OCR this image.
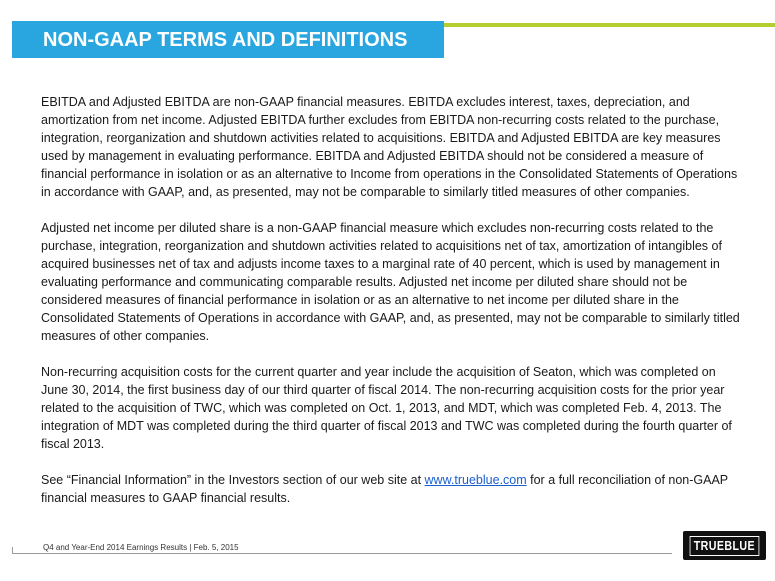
NON-GAAP TERMS AND DEFINITIONS

EBITDA and Adjusted EBITDA are non-GAAP financial measures. EBITDA excludes interest, taxes, depreciation, and amortization from net income. Adjusted EBITDA further excludes from EBITDA non-recurring costs related to the purchase, integration, reorganization and shutdown activities related to acquisitions. EBITDA and Adjusted EBITDA are key measures used by management in evaluating performance. EBITDA and Adjusted EBITDA should not be considered a measure of financial performance in isolation or as an alternative to Income from operations in the Consolidated Statements of Operations in accordance with GAAP, and, as presented, may not be comparable to similarly titled measures of other companies.

Adjusted net income per diluted share is a non-GAAP financial measure which excludes non-recurring costs related to the purchase, integration, reorganization and shutdown activities related to acquisitions net of tax, amortization of intangibles of acquired businesses net of tax and adjusts income taxes to a marginal rate of 40 percent, which is used by management in evaluating performance and communicating comparable results. Adjusted net income per diluted share should not be considered measures of financial performance in isolation or as an alternative to net income per diluted share in the Consolidated Statements of Operations in accordance with GAAP, and, as presented, may not be comparable to similarly titled measures of other companies.

Non-recurring acquisition costs for the current quarter and year include the acquisition of Seaton, which was completed on June 30, 2014, the first business day of our third quarter of fiscal 2014. The non-recurring acquisition costs for the prior year related to the acquisition of TWC, which was completed on Oct. 1, 2013, and MDT, which was completed Feb. 4, 2013. The integration of MDT was completed during the third quarter of fiscal 2013 and TWC was completed during the fourth quarter of fiscal 2013.

See “Financial Information” in the Investors section of our web site at www.trueblue.com for a full reconciliation of non-GAAP financial measures to GAAP financial results.

Q4 and Year-End 2014 Earnings Results | Feb. 5, 2015	TRUEBLUE
